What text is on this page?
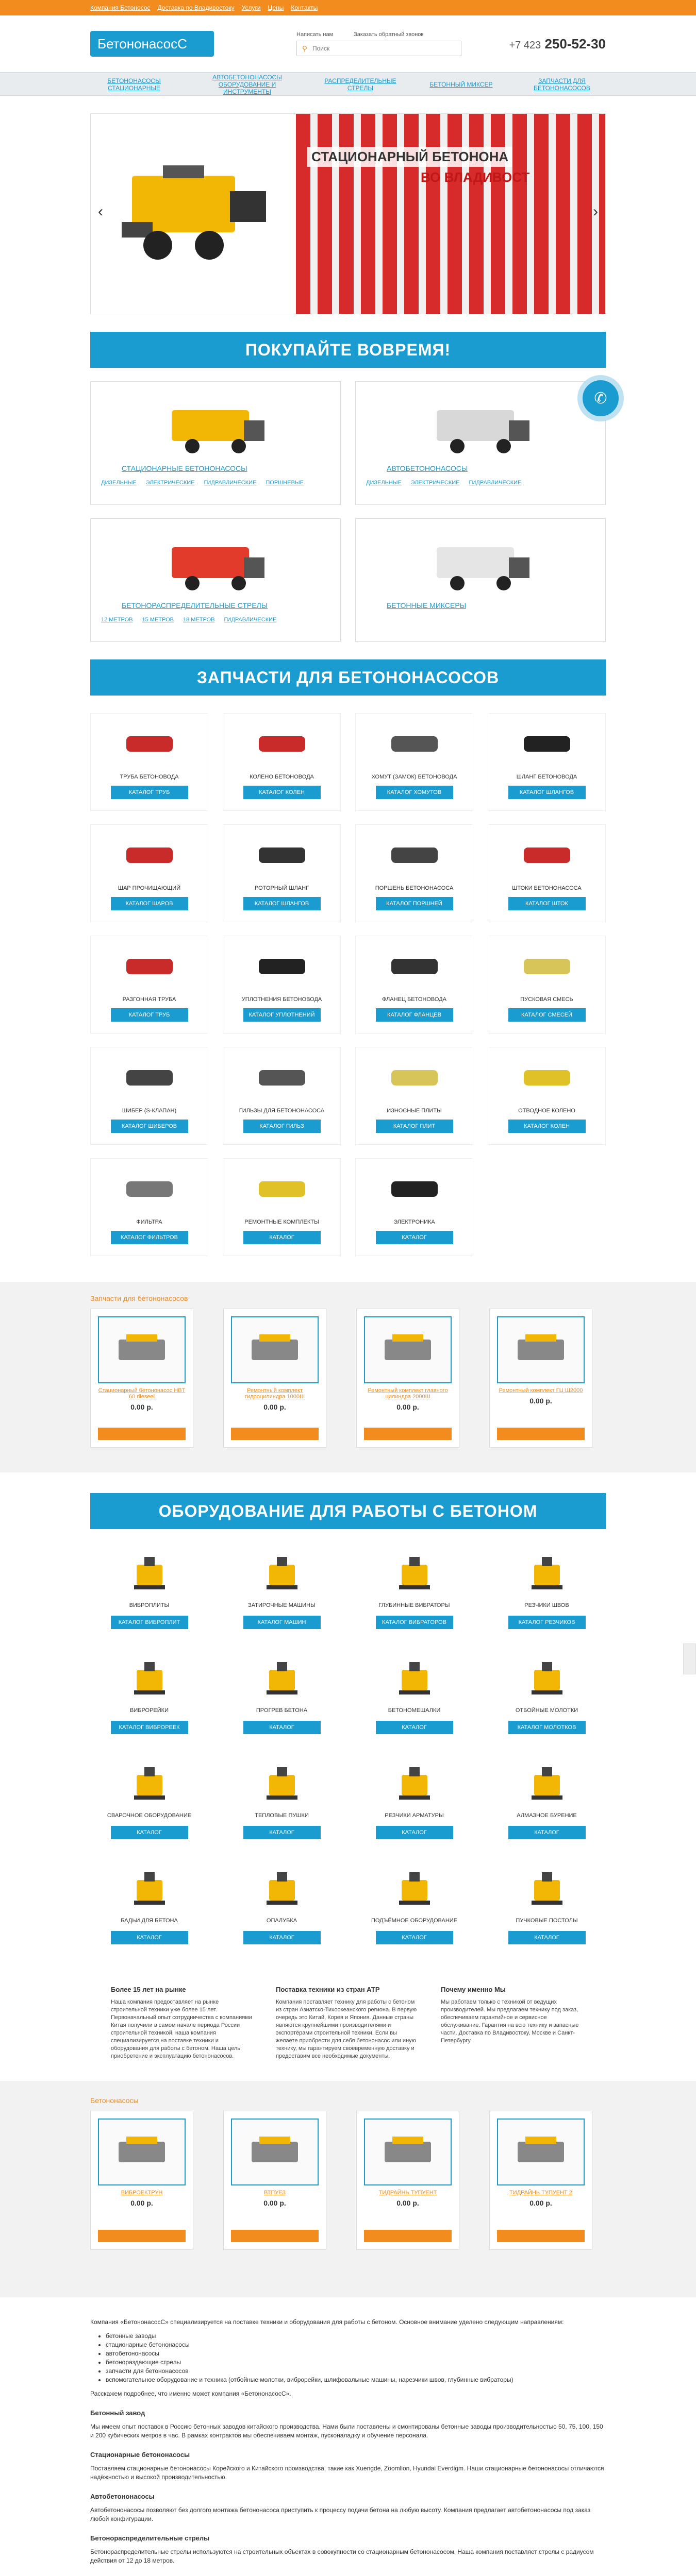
Компания Бетоносос Доставка по Владивостоку Услуги Цены Контакты
БетононасосС
Написать нам	Заказать обратный звонок
⚲
Поиск	+7 423 250-52-30
БЕТОНОНАСОСЫ СТАЦИОНАРНЫЕ
АВТОБЕТОНОНАСОСЫ ОБОРУДОВАНИЕ И ИНСТРУМЕНТЫ
РАСПРЕДЕЛИТЕЛЬНЫЕ СТРЕЛЫ	БЕТОННЫЙ МИКСЕР	ЗАПЧАСТИ ДЛЯ БЕТОНОНАСОСОВ
СТАЦИОНАРНЫЙ БЕТОНОНА
ВО ВЛАДИВОСТ
‹	›
ПОКУПАЙТЕ ВОВРЕМЯ!
СТАЦИОНАРНЫЕ БЕТОНОНАСОСЫ
ДИЗЕЛЬНЫЕ ЭЛЕКТРИЧЕСКИЕ ГИДРАВЛИЧЕСКИЕ ПОРШНЕВЫЕ
АВТОБЕТОНОНАСОСЫ
ДИЗЕЛЬНЫЕ ЭЛЕКТРИЧЕСКИЕ ГИДРАВЛИЧЕСКИЕ
БЕТОНОРАСПРЕДЕЛИТЕЛЬНЫЕ СТРЕЛЫ
12 МЕТРОВ 15 МЕТРОВ 18 МЕТРОВ ГИДРАВЛИЧЕСКИЕ
БЕТОННЫЕ МИКСЕРЫ
ЗАПЧАСТИ ДЛЯ БЕТОНОНАСОСОВ
ТРУБА БЕТОНОВОДА
КАТАЛОГ ТРУБ
КОЛЕНО БЕТОНОВОДА
КАТАЛОГ КОЛЕН
ХОМУТ (ЗАМОК) БЕТОНОВОДА
КАТАЛОГ ХОМУТОВ
ШЛАНГ БЕТОНОВОДА
КАТАЛОГ ШЛАНГОВ
ШАР ПРОЧИЩАЮЩИЙ
КАТАЛОГ ШАРОВ
РОТОРНЫЙ ШЛАНГ
КАТАЛОГ ШЛАНГОВ
ПОРШЕНЬ БЕТОНОНАСОСА
КАТАЛОГ ПОРШНЕЙ
ШТОКИ БЕТОНОНАСОСА
КАТАЛОГ ШТОК
РАЗГОННАЯ ТРУБА
КАТАЛОГ ТРУБ
УПЛОТНЕНИЯ БЕТОНОВОДА
КАТАЛОГ УПЛОТНЕНИЙ
ФЛАНЕЦ БЕТОНОВОДА
КАТАЛОГ ФЛАНЦЕВ
ПУСКОВАЯ СМЕСЬ
КАТАЛОГ СМЕСЕЙ
ШИБЕР (S-КЛАПАН)
КАТАЛОГ ШИБЕРОВ
ГИЛЬЗЫ ДЛЯ БЕТОНОНАСОСА
КАТАЛОГ ГИЛЬЗ
ИЗНОСНЫЕ ПЛИТЫ
КАТАЛОГ ПЛИТ
ОТВОДНОЕ КОЛЕНО
КАТАЛОГ КОЛЕН
ФИЛЬТРА
КАТАЛОГ ФИЛЬТРОВ
РЕМОНТНЫЕ КОМПЛЕКТЫ
КАТАЛОГ
ЭЛЕКТРОНИКА
КАТАЛОГ
✆
Запчасти для бетононасосов
Стационарный бетононасос HBT 60 dieseel
0.00 р.
Ремонтный комплект гидроцилиндра 1000Ш
0.00 р.
Ремонтный комплект главного цилиндра 2000Ш
0.00 р.
Ремонтный комплект ГЦ Ш2000
0.00 р.
ОБОРУДОВАНИЕ ДЛЯ РАБОТЫ С БЕТОНОМ
ВИБРОПЛИТЫ
КАТАЛОГ ВИБРОПЛИТ
ЗАТИРОЧНЫЕ МАШИНЫ
КАТАЛОГ МАШИН
ГЛУБИННЫЕ ВИБРАТОРЫ
КАТАЛОГ ВИБРАТОРОВ
РЕЗЧИКИ ШВОВ
КАТАЛОГ РЕЗЧИКОВ
ВИБРОРЕЙКИ
КАТАЛОГ ВИБРОРЕЕК
ПРОГРЕВ БЕТОНА
КАТАЛОГ
БЕТОНОМЕШАЛКИ
КАТАЛОГ
ОТБОЙНЫЕ МОЛОТКИ
КАТАЛОГ МОЛОТКОВ
СВАРОЧНОЕ ОБОРУДОВАНИЕ
КАТАЛОГ
ТЕПЛОВЫЕ ПУШКИ
КАТАЛОГ
РЕЗЧИКИ АРМАТУРЫ
КАТАЛОГ
АЛМАЗНОЕ БУРЕНИЕ
КАТАЛОГ
БАДЬИ ДЛЯ БЕТОНА
КАТАЛОГ
ОПАЛУБКА
КАТАЛОГ
ПОДЪЁМНОЕ ОБОРУДОВАНИЕ
КАТАЛОГ
ПУЧКОВЫЕ ПОСТОЛЫ
КАТАЛОГ
Более 15 лет на рынке

Наша компания предоставляет на рынке строительной техники уже более 15 лет. Первоначальный опыт сотрудничества с компаниями Китая получили в самом начале периода России строительной техникой, наша компания специализируется на поставке техники и оборудования для работы с бетоном. Наша цель: приобретение и эксплуатацию бетононасосов.

Поставка техники из стран АТР

Компания поставляет технику для работы с бетоном из стран Азиатско-Тихоокеанского региона. В первую очередь это Китай, Корея и Япония. Данные страны являются крупнейшими производителями и экспортёрами строительной техники. Если вы желаете приобрести для себя бетононасос или иную технику, мы гарантируем своевременную доставку и предоставим все необходимые документы.

Почему именно Мы

Мы работаем только с техникой от ведущих производителей. Мы предлагаем технику под заказ, обеспечиваем гарантийное и сервисное обслуживание. Гарантия на всю технику и запасные части. Доставка по Владивостоку, Москве и Санкт-Петербургу.

Бетононасосы
ВИБРОЕКТРУН
0.00 р.
ВТПУЕЗ
0.00 р.
ТИДРАЙНЬ ТУПУЕНТ
0.00 р.
ТИДРАЙНЬ ТУПУЕНТ 2
0.00 р.

Компания «БетононасосС» специализируется на поставке техники и оборудования для работы с бетоном. Основное внимание уделено следующим направлениям:

• бетонные заводы
• стационарные бетононасосы
• автобетононасосы
• бетонораздающие стрелы
• запчасти для бетононасосов
• вспомогательное оборудование и техника (отбойные молотки, виброрейки, шлифовальные машины, нарезчики швов, глубинные вибраторы)

Расскажем подробнее, что именно может компания «БетононасосС».

Бетонный завод

Мы имеем опыт поставок в Россию бетонных заводов китайского производства. Нами были поставлены и смонтированы бетонные заводы производительностью 50, 75, 100, 150 и 200 кубических метров в час. В рамках контрактов мы обеспечиваем монтаж, пусконаладку и обучение персонала.

Стационарные бетононасосы

Поставляем стационарные бетононасосы Корейского и Китайского производства, такие как Xuengde, Zoomlion, Hyundai Everdigm. Наши стационарные бетононасосы отличаются надёжностью и высокой производительностью.

Автобетононасосы

Автобетононасосы позволяют без долгого монтажа бетононасоса приступить к процессу подачи бетона на любую высоту. Компания предлагает автобетононасосы под заказ любой конфигурации.

Бетонораспределительные стрелы

Бетонораспределительные стрелы используются на строительных объектах в совокупности со стационарным бетононасосом. Наша компания поставляет стрелы с радиусом действия от 12 до 18 метров.
